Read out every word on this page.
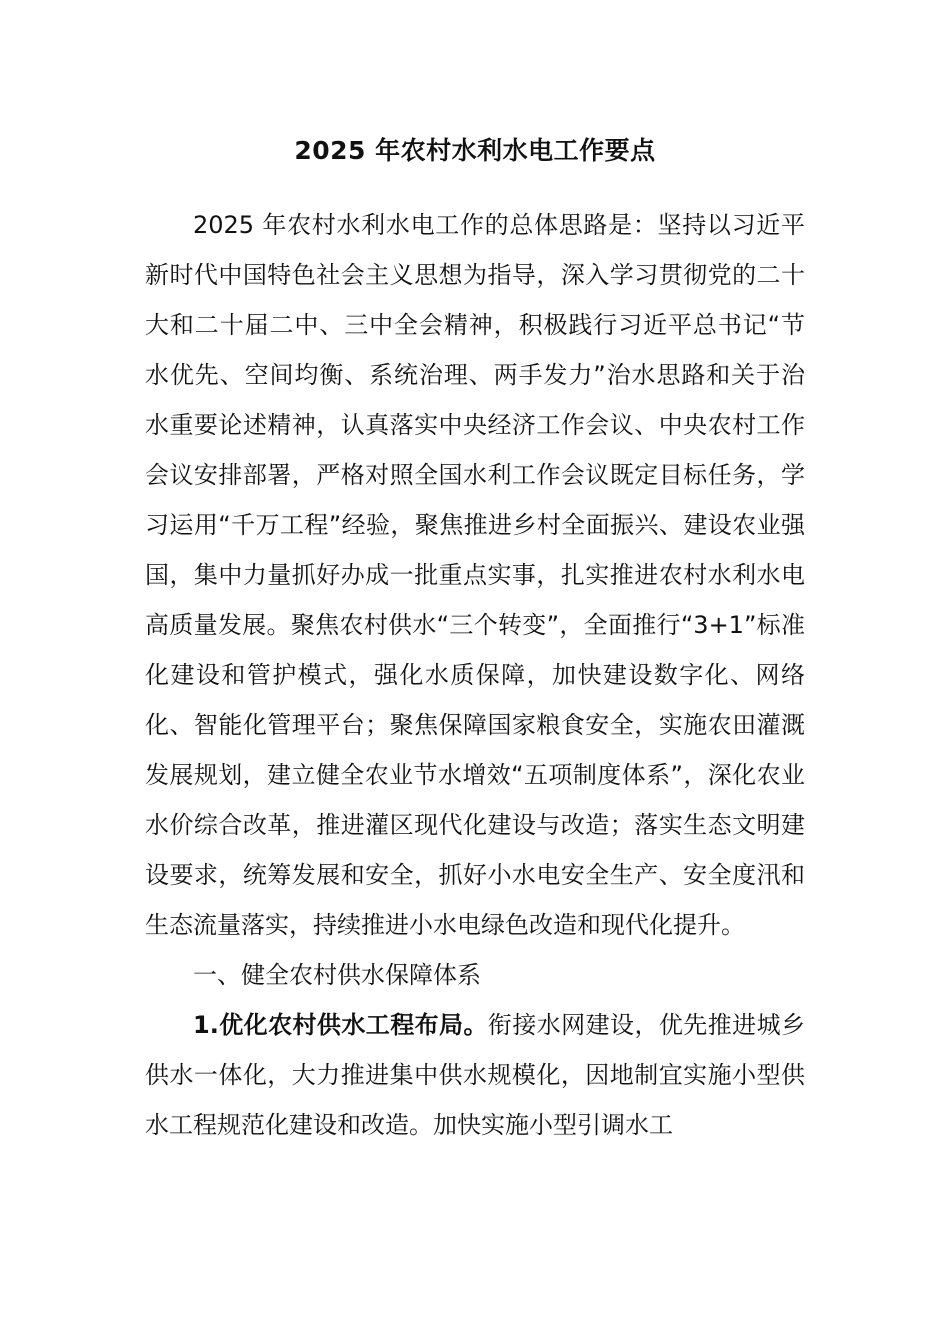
2025 年农村水利水电工作要点

2025 年农村水利水电工作的总体思路是：坚持以习近平新时代中国特色社会主义思想为指导，深入学习贯彻党的二十大和二十届二中、三中全会精神，积极践行习近平总书记“节水优先、空间均衡、系统治理、两手发力”治水思路和关于治水重要论述精神，认真落实中央经济工作会议、中央农村工作会议安排部署，严格对照全国水利工作会议既定目标任务，学习运用“千万工程”经验，聚焦推进乡村全面振兴、建设农业强国，集中力量抓好办成一批重点实事，扎实推进农村水利水电高质量发展。聚焦农村供水“三个转变”，全面推行“3+1”标准化建设和管护模式，强化水质保障，加快建设数字化、网络化、智能化管理平台；聚焦保障国家粮食安全，实施农田灌溉发展规划，建立健全农业节水增效“五项制度体系”，深化农业水价综合改革，推进灌区现代化建设与改造；落实生态文明建设要求，统筹发展和安全，抓好小水电安全生产、安全度汛和生态流量落实，持续推进小水电绿色改造和现代化提升。

一、健全农村供水保障体系

1.优化农村供水工程布局。衔接水网建设，优先推进城乡供水一体化，大力推进集中供水规模化，因地制宜实施小型供水工程规范化建设和改造。加快实施小型引调水工
